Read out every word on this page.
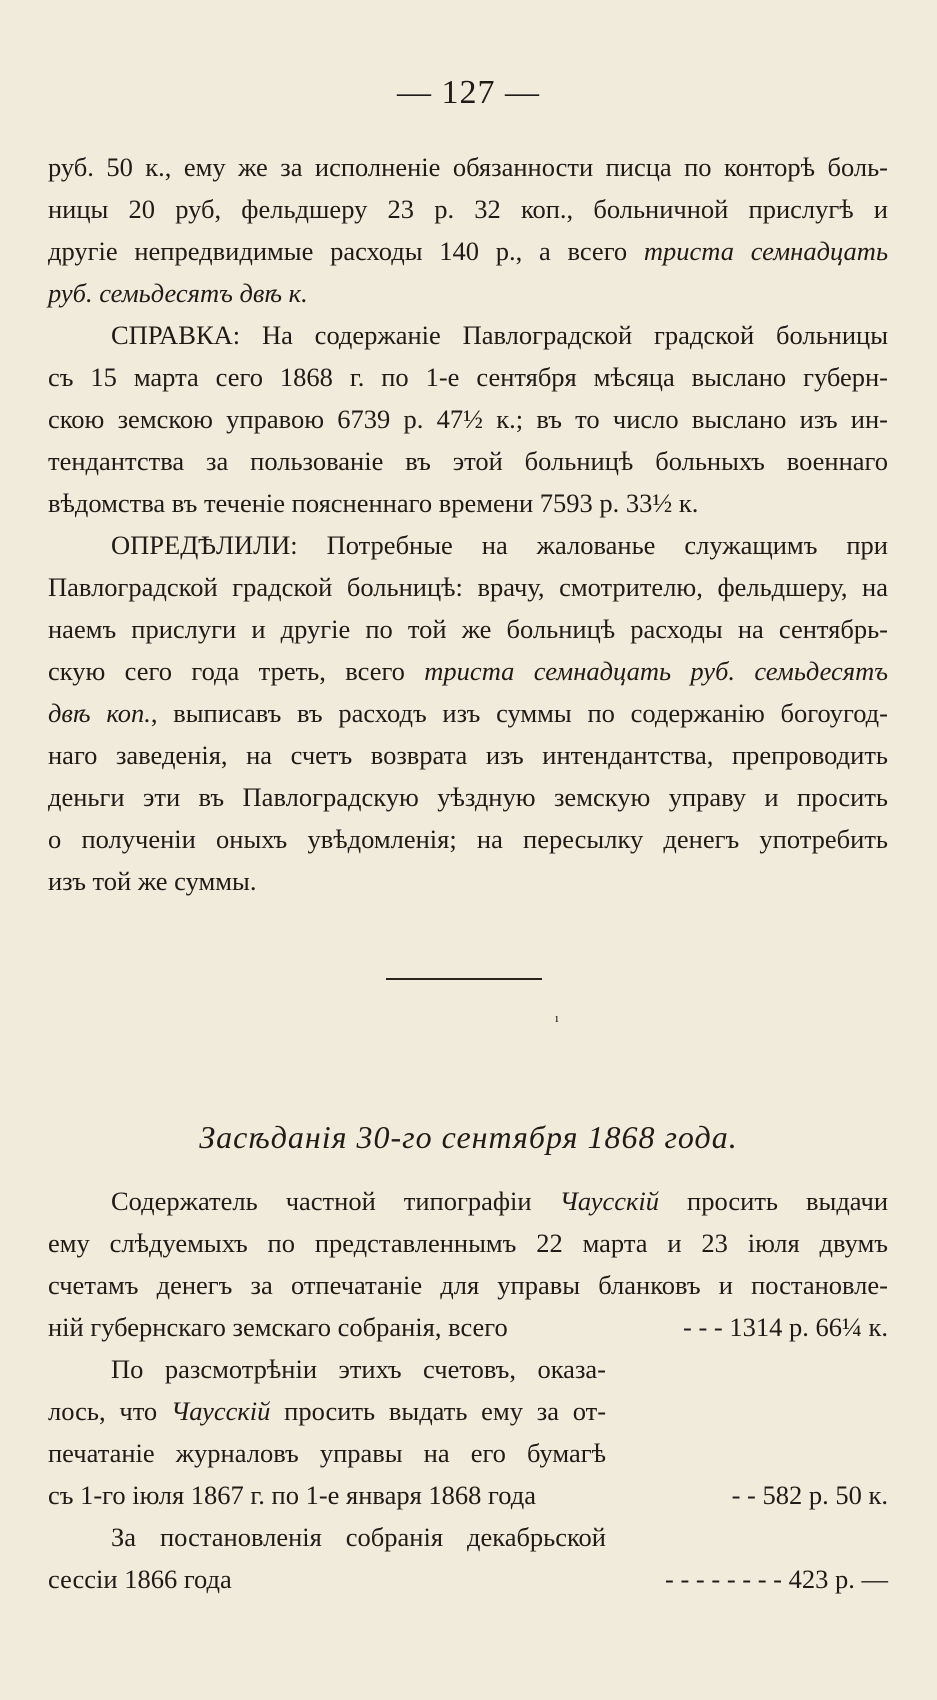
— 127 —
руб. 50 к., ему же за исполненіе обязанности писца по конторѣ боль-
ницы 20 руб, фельдшеру 23 р. 32 коп., больничной прислугѣ и
другіе непредвидимые расходы 140 р., а всего триста семнадцать
руб. семьдесятъ двѣ к.
СПРАВКА: На содержаніе Павлоградской градской больницы
съ 15 марта сего 1868 г. по 1-е сентября мѣсяца выслано губерн-
скою земскою управою 6739 р. 47½ к.; въ то число выслано изъ ин-
тендантства за пользованіе въ этой больницѣ больныхъ военнаго
вѣдомства въ теченіе поясненнаго времени 7593 р. 33½ к.
ОПРЕДѢЛИЛИ: Потребные на жалованье служащимъ при
Павлоградской градской больницѣ: врачу, смотрителю, фельдшеру, на
наемъ прислуги и другіе по той же больницѣ расходы на сентябрь-
скую сего года треть, всего триста семнадцать руб. семьдесятъ
двѣ коп., выписавъ въ расходъ изъ суммы по содержанію богоугод-
наго заведенія, на счетъ возврата изъ интендантства, препроводить
деньги эти въ Павлоградскую уѣздную земскую управу и просить
о полученіи оныхъ увѣдомленія; на пересылку денегъ употребить
изъ той же суммы.
ı
Засѣданія 30-го сентября 1868 года.
Содержатель частной типографіи Чаусскій просить выдачи
ему слѣдуемыхъ по представленнымъ 22 марта и 23 іюля двумъ
счетамъ денегъ за отпечатаніе для управы бланковъ и постановле-
ній губернскаго земскаго собранія, всего	- - - 1314 р. 66¼ к.
По разсмотрѣніи этихъ счетовъ, оказа-
лось, что Чаусскій просить выдать ему за от-
печатаніе журналовъ управы на его бумагѣ
съ 1-го іюля 1867 г. по 1-е января 1868 года	- - 582 р. 50 к.
За постановленія собранія декабрьской
сессіи 1866 года	- - - - - - - - 423 р. —
